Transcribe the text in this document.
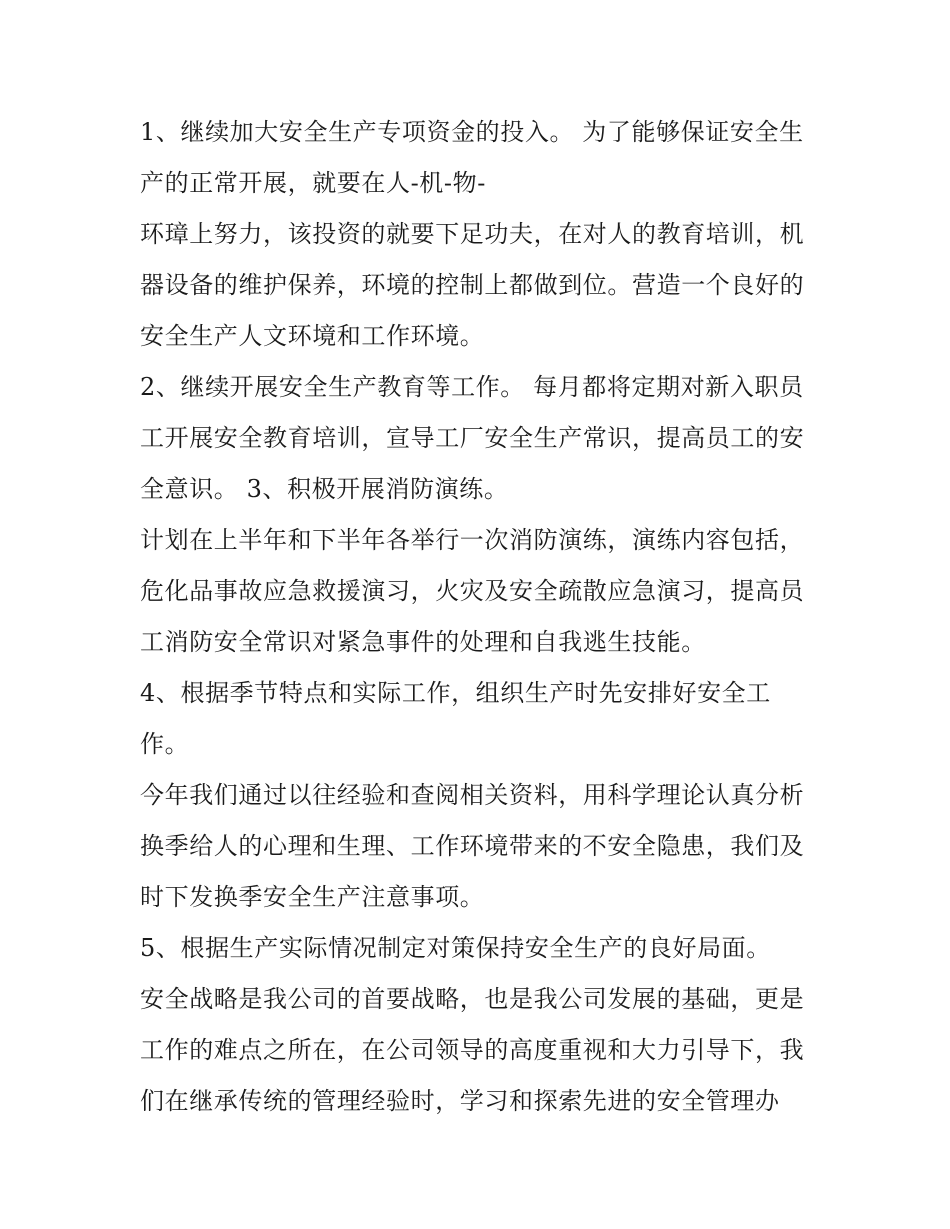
1、继续加大安全生产专项资金的投入。 为了能够保证安全生
产的正常开展，就要在人-机-物-
环璋上努力，该投资的就要下足功夫，在对人的教育培训，机
器设备的维护保养，环境的控制上都做到位。营造一个良好的
安全生产人文环境和工作环境。
2、继续开展安全生产教育等工作。 每月都将定期对新入职员
工开展安全教育培训，宣导工厂安全生产常识，提高员工的安
全意识。 3、积极开展消防演练。
计划在上半年和下半年各举行一次消防演练，演练内容包括，
危化品事故应急救援演习，火灾及安全疏散应急演习，提高员
工消防安全常识对紧急事件的处理和自我逃生技能。
4、根据季节特点和实际工作，组织生产时先安排好安全工
作。
今年我们通过以往经验和查阅相关资料，用科学理论认真分析
换季给人的心理和生理、工作环境带来的不安全隐患，我们及
时下发换季安全生产注意事项。
5、根据生产实际情况制定对策保持安全生产的良好局面。
安全战略是我公司的首要战略，也是我公司发展的基础，更是
工作的难点之所在，在公司领导的高度重视和大力引导下，我
们在继承传统的管理经验时，学习和探索先进的安全管理办
